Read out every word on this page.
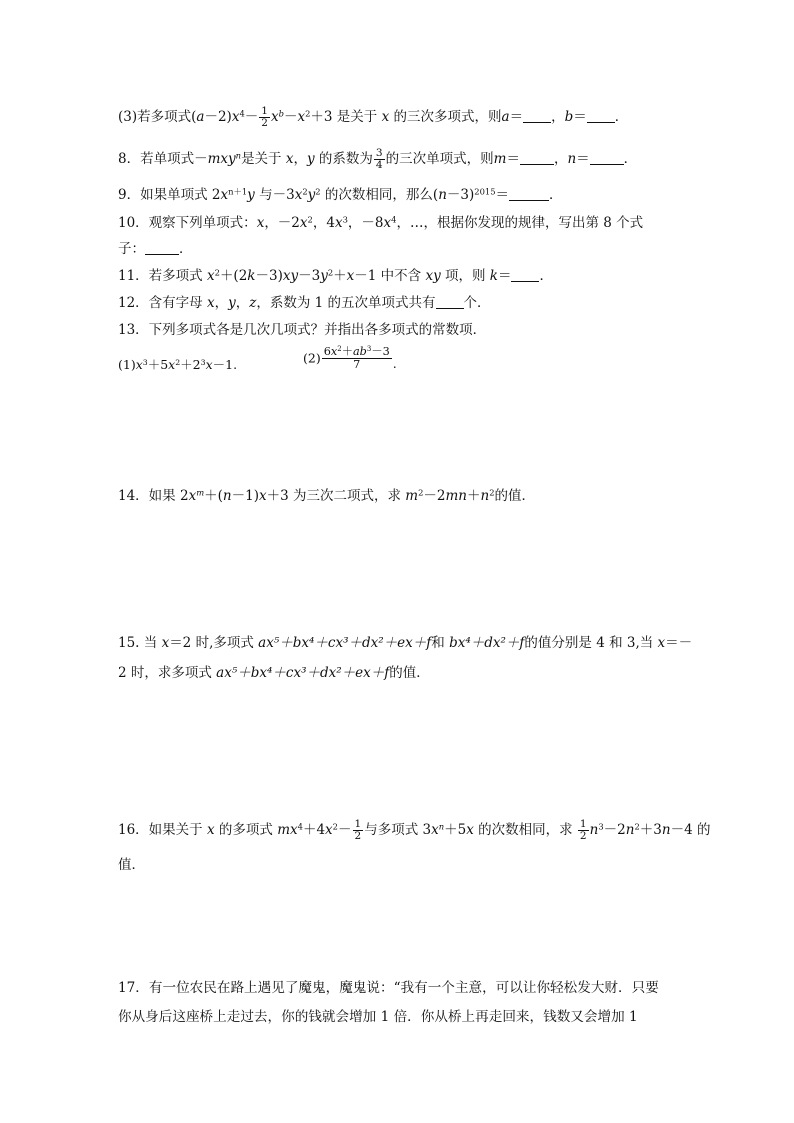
(3)若多项式$(a-2)x^4- \frac{1}{2} x^b-x^2+3$ 是关于 x 的三次多项式，则a＝ ，b＝ ．
8．若单项式－mxy$^n$是关于 x，y 的系数为 $\frac{3}{4}$ 的三次单项式，则m＝	，n＝	．
9．如果单项式 $2x^{n+1}y$ 与$-3x^2y^2$ 的次数相同，那么$(n-3)^{2015}=$	．
10．观察下列单项式：x，$-2x^2$，$4x^3$，$-8x^4$，…，根据你发现的规律，写出第 8 个式
子：	．
11．若多项式 $x^2+(2k-3)xy-3y^2+x-1$ 中不含 xy 项，则 k＝ ．
12．含有字母 x，y，z，系数为 1 的五次单项式共有 个．
13．下列多项式各是几次几项式？并指出各多项式的常数项．
$(1)x^3+5x^2+2^3x-1$.	$(2) \frac{6x^2+ab^3-3}{7}$ .
14．如果 $2x^m+(n-1)x+3$ 为三次二项式，求 $m^2-2mn+n^2$的值．
15. 当 x＝2 时,多项式 ax⁵＋bx⁴＋cx³＋dx²＋ex＋f和 bx⁴＋dx²＋f的值分别是 4 和 3,当 x＝－
2 时，求多项式 ax⁵＋bx⁴＋cx³＋dx²＋ex＋f的值．
16．如果关于 x 的多项式 $mx^4+4x^2- \frac{1}{2}$ 与多项式 $3x^n+5x$ 的次数相同，求 $\frac{1}{2} n^3-2n^2+3n-4$ 的
值．
17．有一位农民在路上遇见了魔鬼，魔鬼说：“我有一个主意，可以让你轻松发大财．只要
你从身后这座桥上走过去，你的钱就会增加 1 倍．你从桥上再走回来，钱数又会增加 1
